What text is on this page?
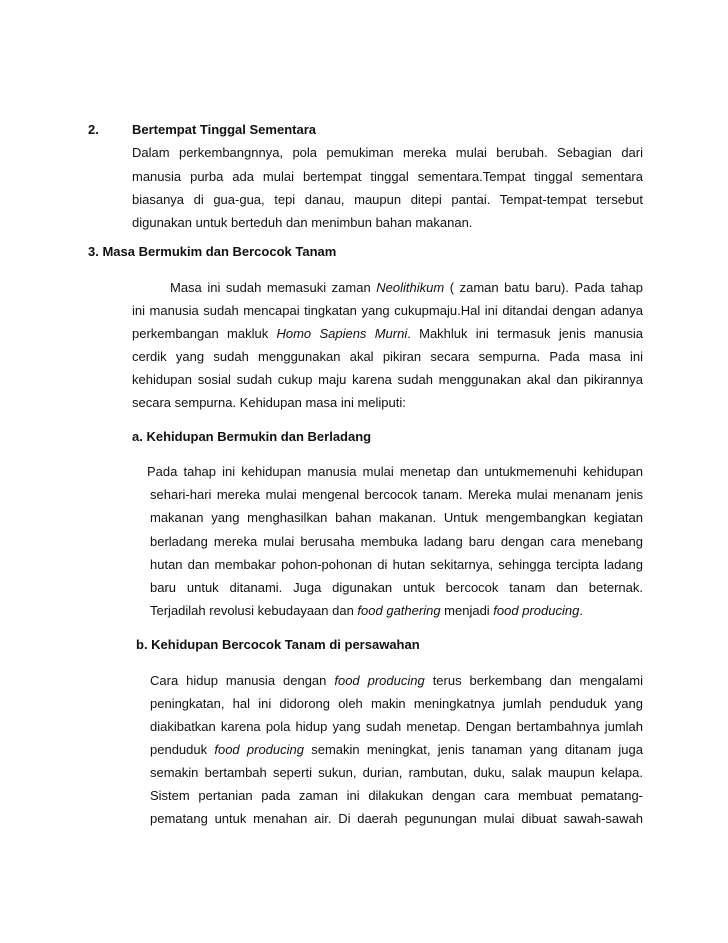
2.	Bertempat Tinggal Sementara
Dalam perkembangnnya, pola pemukiman mereka mulai berubah. Sebagian dari
manusia purba ada mulai bertempat tinggal sementara.Tempat tinggal sementara
biasanya di gua-gua, tepi danau, maupun ditepi pantai. Tempat-tempat tersebut
digunakan untuk berteduh dan menimbun bahan makanan.
3. Masa Bermukim dan Bercocok Tanam
Masa ini sudah memasuki zaman Neolithikum ( zaman batu baru). Pada tahap
ini manusia sudah mencapai tingkatan yang cukupmaju.Hal ini ditandai dengan adanya
perkembangan makluk Homo Sapiens Murni. Makhluk ini termasuk jenis manusia
cerdik yang sudah menggunakan akal pikiran secara sempurna. Pada masa ini
kehidupan sosial sudah cukup maju karena sudah menggunakan akal dan pikirannya
secara sempurna. Kehidupan masa ini meliputi:
a. Kehidupan Bermukin dan Berladang
Pada tahap ini kehidupan manusia mulai menetap dan untukmemenuhi kehidupan
sehari-hari mereka mulai mengenal bercocok tanam. Mereka mulai menanam jenis
makanan yang menghasilkan bahan makanan. Untuk mengembangkan kegiatan
berladang mereka mulai berusaha membuka ladang baru dengan cara menebang
hutan dan membakar pohon-pohonan di hutan sekitarnya, sehingga tercipta ladang
baru untuk ditanami. Juga digunakan untuk bercocok tanam dan beternak.
Terjadilah revolusi kebudayaan dan food gathering menjadi food producing.
b. Kehidupan Bercocok Tanam di persawahan
Cara hidup manusia dengan food producing terus berkembang dan mengalami
peningkatan, hal ini didorong oleh makin meningkatnya jumlah penduduk yang
diakibatkan karena pola hidup yang sudah menetap. Dengan bertambahnya jumlah
penduduk food producing semakin meningkat, jenis tanaman yang ditanam juga
semakin bertambah seperti sukun, durian, rambutan, duku, salak maupun kelapa.
Sistem pertanian pada zaman ini dilakukan dengan cara membuat pematang-
pematang untuk menahan air. Di daerah pegunungan mulai dibuat sawah-sawah
